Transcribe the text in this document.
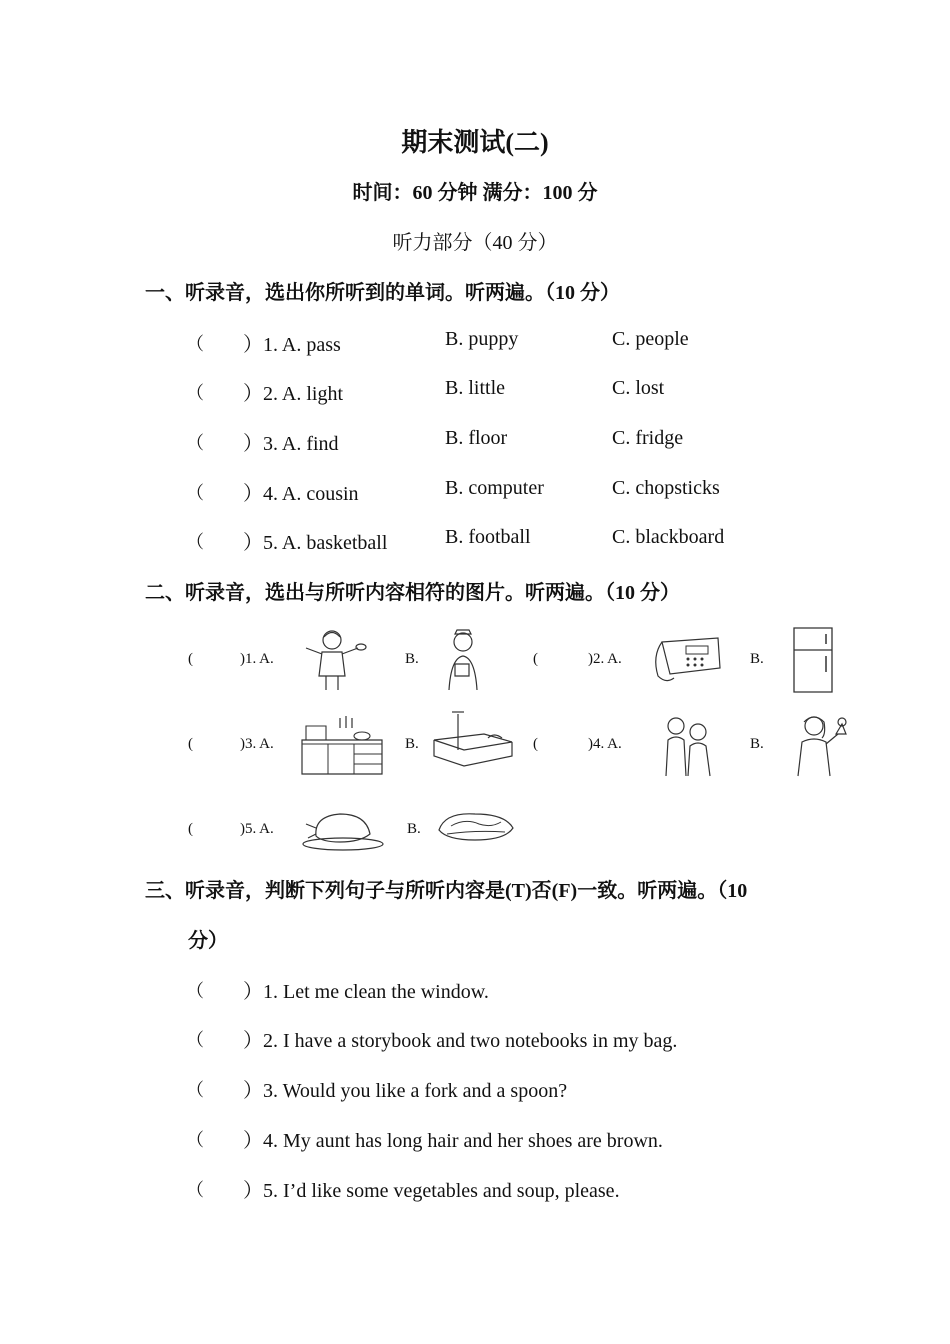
期末测试(二)
时间：60 分钟 满分：100 分
听力部分（40 分）
一、听录音，选出你所听到的单词。听两遍。（10 分）
（ ）1. A. pass	B. puppy	C. people
（ ）2. A. light	B. little	C. lost
（ ）3. A. find	B. floor	C. fridge
（ ）4. A. cousin	B. computer	C. chopsticks
（ ）5. A. basketball	B. football	C. blackboard
二、听录音，选出与所听内容相符的图片。听两遍。（10 分）
(	)1. A.	B.	(	)2. A.	B.
(	)3. A.	B.	(	)4. A.	B.
(	)5. A.	B.
三、听录音，判断下列句子与所听内容是(T)否(F)一致。听两遍。（10
分）
（ ）1. Let me clean the window.
（ ）2. I have a storybook and two notebooks in my bag.
（ ）3. Would you like a fork and a spoon?
（ ）4. My aunt has long hair and her shoes are brown.
（ ）5. I’d like some vegetables and soup, please.
